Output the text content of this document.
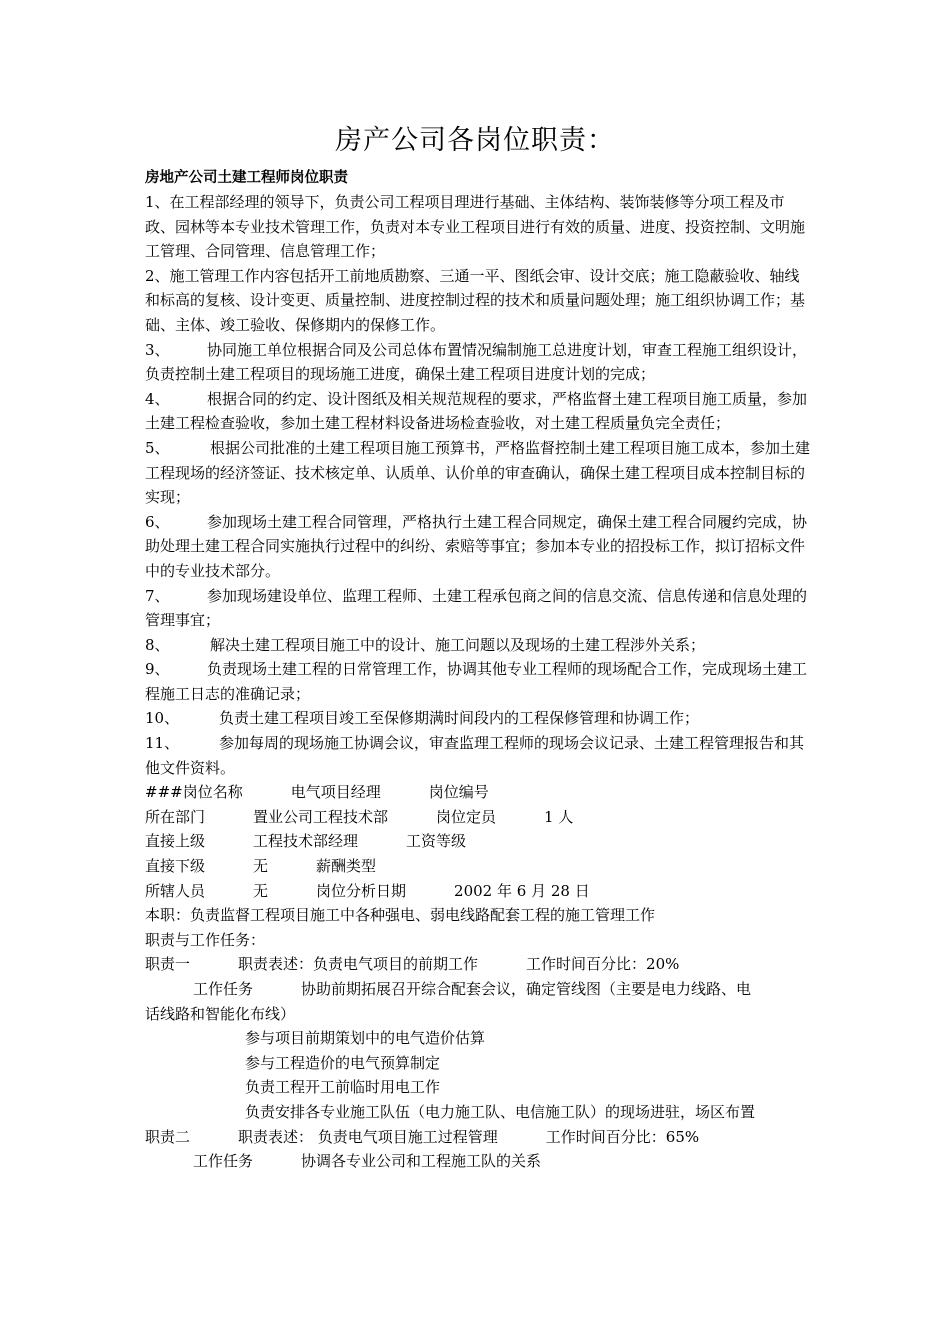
房产公司各岗位职责：
房地产公司土建工程师岗位职责

1、在工程部经理的领导下，负责公司工程项目理进行基础、主体结构、装饰装修等分项工程及市政、园林等本专业技术管理工作，负责对本专业工程项目进行有效的质量、进度、投资控制、文明施工管理、合同管理、信息管理工作；

2、施工管理工作内容包括开工前地质勘察、三通一平、图纸会审、设计交底；施工隐蔽验收、轴线和标高的复核、设计变更、质量控制、进度控制过程的技术和质量问题处理；施工组织协调工作；基础、主体、竣工验收、保修期内的保修工作。

3、 协同施工单位根据合同及公司总体布置情况编制施工总进度计划，审查工程施工组织设计，负责控制土建工程项目的现场施工进度，确保土建工程项目进度计划的完成；

4、 根据合同的约定、设计图纸及相关规范规程的要求，严格监督土建工程项目施工质量，参加土建工程检查验收，参加土建工程材料设备进场检查验收，对土建工程质量负完全责任；

5、	根据公司批准的土建工程项目施工预算书，严格监督控制土建工程项目施工成本，参加土建工程现场的经济签证、技术核定单、认质单、认价单的审查确认，确保土建工程项目成本控制目标的实现；

6、 参加现场土建工程合同管理，严格执行土建工程合同规定，确保土建工程合同履约完成，协助处理土建工程合同实施执行过程中的纠纷、索赔等事宜；参加本专业的招投标工作，拟订招标文件中的专业技术部分。

7、 参加现场建设单位、监理工程师、土建工程承包商之间的信息交流、信息传递和信息处理的管理事宜；

8、	解决土建工程项目施工中的设计、施工问题以及现场的土建工程涉外关系；

9、 负责现场土建工程的日常管理工作，协调其他专业工程师的现场配合工作，完成现场土建工程施工日志的准确记录；

10、	负责土建工程项目竣工至保修期满时间段内的工程保修管理和协调工作；

11、	参加每周的现场施工协调会议，审查监理工程师的现场会议记录、土建工程管理报告和其他文件资料。

###岗位名称	电气项目经理	岗位编号

所在部门	置业公司工程技术部	岗位定员	1 人

直接上级	工程技术部经理	工资等级

直接下级	无	薪酬类型

所辖人员	无	岗位分析日期	2002 年 6 月 28 日

本职：负责监督工程项目施工中各种强电、弱电线路配套工程的施工管理工作

职责与工作任务：

职责一	职责表述：负责电气项目的前期工作	工作时间百分比：20%

工作任务	协助前期拓展召开综合配套会议，确定管线图（主要是电力线路、电

话线路和智能化布线）

参与项目前期策划中的电气造价估算

参与工程造价的电气预算制定

负责工程开工前临时用电工作

负责安排各专业施工队伍（电力施工队、电信施工队）的现场进驻，场区布置

职责二	职责表述： 负责电气项目施工过程管理	工作时间百分比：65%

工作任务	协调各专业公司和工程施工队的关系
